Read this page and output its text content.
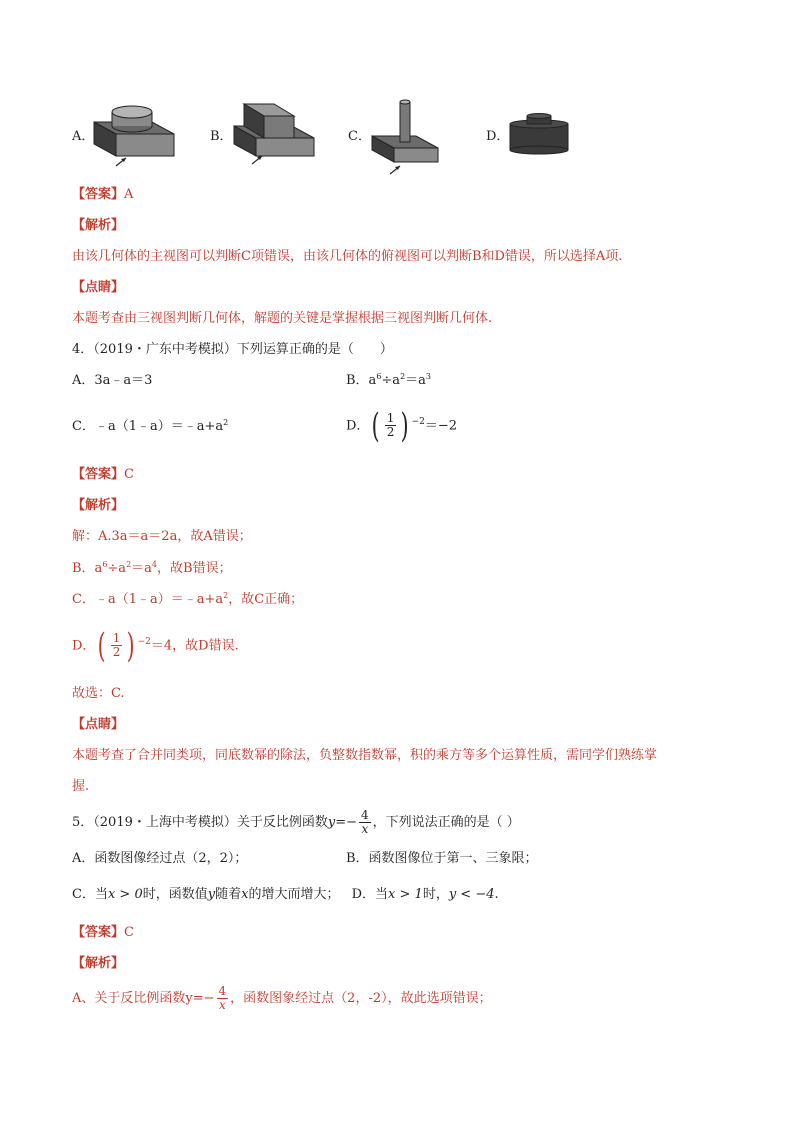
A．	B．	C．	D．
【答案】A
【解析】
由该几何体的主视图可以判断C项错误，由该几何体的俯视图可以判断B和D错误，所以选择A项.
【点睛】
本题考查由三视图判断几何体，解题的关键是掌握根据三视图判断几何体.
4．（2019・广东中考模拟）下列运算正确的是（　　）
A．3a﹣a＝3	B．$a^6\div a^2=a^3$
C．$﹣a(1﹣a)=﹣a+a^2$	D．( $\frac{1}{2}$ ) −2＝−2
【答案】C
【解析】
解：A.3a＝a＝2a，故A错误；
B．$a^6\div a^2=a^4$，故B错误；
C．$﹣a(1﹣a)=﹣a+a^2$，故C正确；
D．( $\frac{1}{2}$ ) −2＝4，故D错误.
故选：C.
【点睛】
本题考查了合并同类项，同底数幂的除法，负整数指数幂，积的乘方等多个运算性质，需同学们熟练掌
握.
5．（2019・上海中考模拟）关于反比例函数$y=- \frac{4}{x}$ ，下列说法正确的是（ ）
A．函数图像经过点（2，2）；	B．函数图像位于第一、三象限；
C．当x > 0时，函数值y随着x的增大而增大； D．当x > 1时，y < −4.
【答案】C
【解析】
A、关于反比例函数$y=- \frac{4}{x}$ ，函数图象经过点（2，-2），故此选项错误；
